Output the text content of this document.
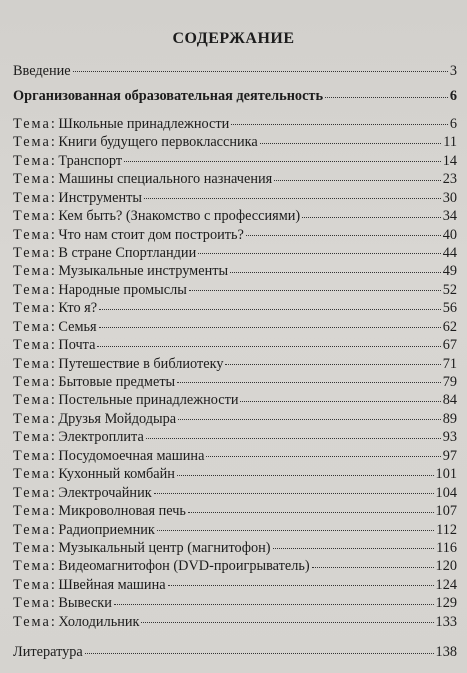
СОДЕРЖАНИЕ
Введение	3
Организованная образовательная деятельность	6
Тема: Школьные принадлежности	6
Тема: Книги будущего первоклассника	11
Тема: Транспорт	14
Тема: Машины специального назначения	23
Тема: Инструменты	30
Тема: Кем быть? (Знакомство с профессиями)	34
Тема: Что нам стоит дом построить?	40
Тема: В стране Спортландии	44
Тема: Музыкальные инструменты	49
Тема: Народные промыслы	52
Тема: Кто я?	56
Тема: Семья	62
Тема: Почта	67
Тема: Путешествие в библиотеку	71
Тема: Бытовые предметы	79
Тема: Постельные принадлежности	84
Тема: Друзья Мойдодыра	89
Тема: Электроплита	93
Тема: Посудомоечная машина	97
Тема: Кухонный комбайн	101
Тема: Электрочайник	104
Тема: Микроволновая печь	107
Тема: Радиоприемник	112
Тема: Музыкальный центр (магнитофон)	116
Тема: Видеомагнитофон (DVD-проигрыватель)	120
Тема: Швейная машина	124
Тема: Вывески	129
Тема: Холодильник	133
Литература	138
